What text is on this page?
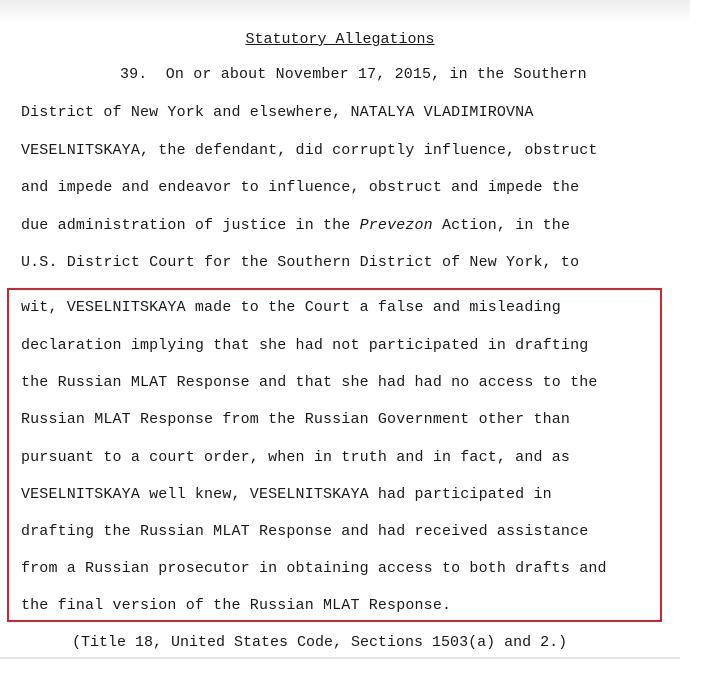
Statutory Allegations
39. On or about November 17, 2015, in the Southern
District of New York and elsewhere, NATALYA VLADIMIROVNA
VESELNITSKAYA, the defendant, did corruptly influence, obstruct
and impede and endeavor to influence, obstruct and impede the
due administration of justice in the Prevezon Action, in the
U.S. District Court for the Southern District of New York, to
wit, VESELNITSKAYA made to the Court a false and misleading
declaration implying that she had not participated in drafting
the Russian MLAT Response and that she had had no access to the
Russian MLAT Response from the Russian Government other than
pursuant to a court order, when in truth and in fact, and as
VESELNITSKAYA well knew, VESELNITSKAYA had participated in
drafting the Russian MLAT Response and had received assistance
from a Russian prosecutor in obtaining access to both drafts and
the final version of the Russian MLAT Response.
(Title 18, United States Code, Sections 1503(a) and 2.)
